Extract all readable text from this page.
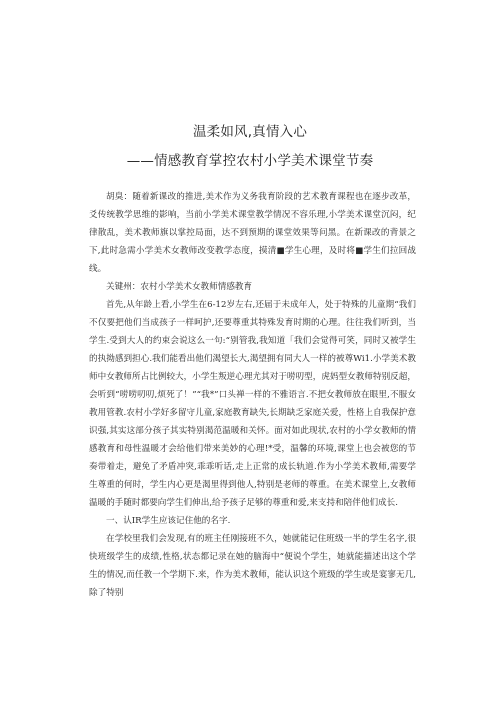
温柔如风,真情入心
——情感教育掌控农村小学美术课堂节奏

胡臭：随着新课改的推进,美术作为义务我育阶段的艺术教育课程也在逐步改革，爻传统教学思维的影响，当前小学美术课堂教学情况不容乐理,小学美术课堂沉闷，纪律散乱，美术教师旗以掌控局面，达不到预期的课堂效果等问黑。在新课改的背景之下,此时急需小学美术女教师改变教学态度，摸清■学生心理，及时将■学生们拉回战线。

关键州：农村小学美术女教师情感教育

首先,从年龄上看,小学生在6-12岁左右,还届于未成年人，处于特殊的儿童期“我们不仅要把他们当成孩子一样呵护,还要尊重其特殊发育时期的心理。往往我们听到，当学生.受到大人的约束会说这么一句:“别管我,我知道「我们会觉得可笑，同时又被学生的执拗感到担心.我们能看出他们渴望长大,渴望拥有同大人一样的被尊Wi1.小学美术教师中女教师所占比例较大，小学生叛逆心理尤其对于唠叨型，虎妈型女教师特别反超，会听到“唠唠叨叨,烦死了！”“我*”口头禅一样的不雅语言.不把女教师放在眼里,不服女教用管教.农村小学好多留守儿童,家庭教育缺失,长期缺乏家庭关爱，性格上自我保护意识强,其实这部分孩子其实特别渴范温暖和关怀。面对如此现状,农村的小学女教师的情感教育和母性温暖才会给他们带来美妙的心理!*受，温馨的环境,课堂上也会被您的节奏带着走，避免了矛盾冲突,乖乖听话,走上正常的成长轨道.作为小学美术教师,需要学生尊重的何时，学生内心更是渴里得到他人,特别是老师的尊重。在美术课堂上,女教师温暖的手随时都要向学生们伸出,给予孩子足够的尊重和爱,来支持和陪伴他们成长.

一、认IR学生应该记住他的名字.

在学校里我们会发现,有的班主任刚接班不久，她就能记住班级一半的学生名字,很快班级学生的成绩,性格,状态都记录在她的脑海中“便说个学生，她就能描述出这个学生的情况,而任教一个学期下.来，作为美术教师，能认识这个班级的学生或是宴寥无几,除了特别
